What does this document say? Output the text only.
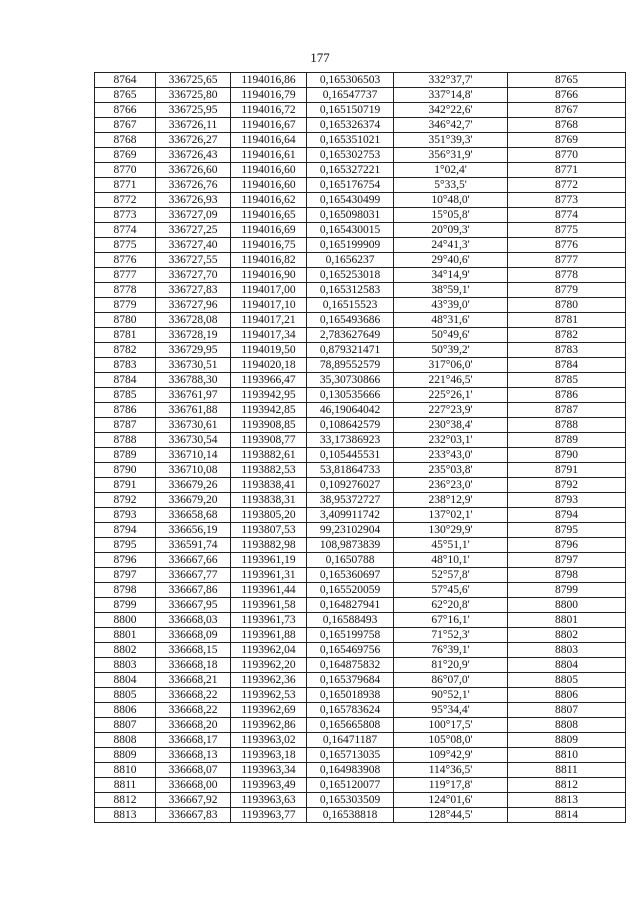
177
8764	336725,65	1194016,86	0,165306503	332°37,7'	8765
8765	336725,80	1194016,79	0,16547737	337°14,8'	8766
8766	336725,95	1194016,72	0,165150719	342°22,6'	8767
8767	336726,11	1194016,67	0,165326374	346°42,7'	8768
8768	336726,27	1194016,64	0,165351021	351°39,3'	8769
8769	336726,43	1194016,61	0,165302753	356°31,9'	8770
8770	336726,60	1194016,60	0,165327221	1°02,4'	8771
8771	336726,76	1194016,60	0,165176754	5°33,5'	8772
8772	336726,93	1194016,62	0,165430499	10°48,0'	8773
8773	336727,09	1194016,65	0,165098031	15°05,8'	8774
8774	336727,25	1194016,69	0,165430015	20°09,3'	8775
8775	336727,40	1194016,75	0,165199909	24°41,3'	8776
8776	336727,55	1194016,82	0,1656237	29°40,6'	8777
8777	336727,70	1194016,90	0,165253018	34°14,9'	8778
8778	336727,83	1194017,00	0,165312583	38°59,1'	8779
8779	336727,96	1194017,10	0,16515523	43°39,0'	8780
8780	336728,08	1194017,21	0,165493686	48°31,6'	8781
8781	336728,19	1194017,34	2,783627649	50°49,6'	8782
8782	336729,95	1194019,50	0,879321471	50°39,2'	8783
8783	336730,51	1194020,18	78,89552579	317°06,0'	8784
8784	336788,30	1193966,47	35,30730866	221°46,5'	8785
8785	336761,97	1193942,95	0,130535666	225°26,1'	8786
8786	336761,88	1193942,85	46,19064042	227°23,9'	8787
8787	336730,61	1193908,85	0,108642579	230°38,4'	8788
8788	336730,54	1193908,77	33,17386923	232°03,1'	8789
8789	336710,14	1193882,61	0,105445531	233°43,0'	8790
8790	336710,08	1193882,53	53,81864733	235°03,8'	8791
8791	336679,26	1193838,41	0,109276027	236°23,0'	8792
8792	336679,20	1193838,31	38,95372727	238°12,9'	8793
8793	336658,68	1193805,20	3,409911742	137°02,1'	8794
8794	336656,19	1193807,53	99,23102904	130°29,9'	8795
8795	336591,74	1193882,98	108,9873839	45°51,1'	8796
8796	336667,66	1193961,19	0,1650788	48°10,1'	8797
8797	336667,77	1193961,31	0,165360697	52°57,8'	8798
8798	336667,86	1193961,44	0,165520059	57°45,6'	8799
8799	336667,95	1193961,58	0,164827941	62°20,8'	8800
8800	336668,03	1193961,73	0,16588493	67°16,1'	8801
8801	336668,09	1193961,88	0,165199758	71°52,3'	8802
8802	336668,15	1193962,04	0,165469756	76°39,1'	8803
8803	336668,18	1193962,20	0,164875832	81°20,9'	8804
8804	336668,21	1193962,36	0,165379684	86°07,0'	8805
8805	336668,22	1193962,53	0,165018938	90°52,1'	8806
8806	336668,22	1193962,69	0,165783624	95°34,4'	8807
8807	336668,20	1193962,86	0,165665808	100°17,5'	8808
8808	336668,17	1193963,02	0,16471187	105°08,0'	8809
8809	336668,13	1193963,18	0,165713035	109°42,9'	8810
8810	336668,07	1193963,34	0,164983908	114°36,5'	8811
8811	336668,00	1193963,49	0,165120077	119°17,8'	8812
8812	336667,92	1193963,63	0,165303509	124°01,6'	8813
8813	336667,83	1193963,77	0,16538818	128°44,5'	8814
